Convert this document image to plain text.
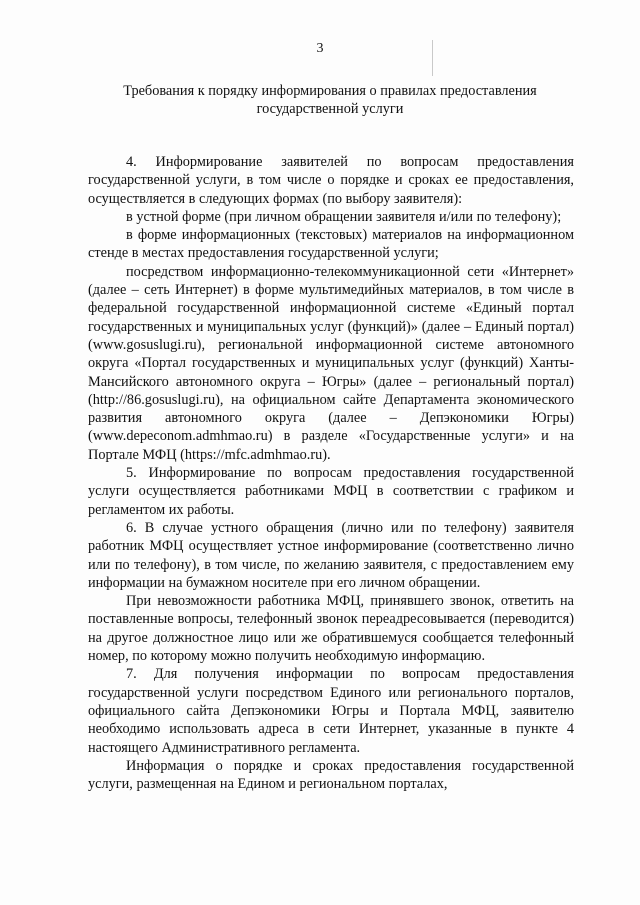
3
Требования к порядку информирования о правилах предоставления государственной услуги

4. Информирование заявителей по вопросам предоставления государственной услуги, в том числе о порядке и сроках ее предоставления, осуществляется в следующих формах (по выбору заявителя):

в устной форме (при личном обращении заявителя и/или по телефону);

в форме информационных (текстовых) материалов на информационном стенде в местах предоставления государственной услуги;

посредством информационно-телекоммуникационной сети «Интернет» (далее – сеть Интернет) в форме мультимедийных материалов, в том числе в федеральной государственной информационной системе «Единый портал государственных и муниципальных услуг (функций)» (далее – Единый портал) (www.gosuslugi.ru), региональной информационной системе автономного округа «Портал государственных и муниципальных услуг (функций) Ханты-Мансийского автономного округа – Югры» (далее – региональный портал) (http://86.gosuslugi.ru), на официальном сайте Департамента экономического развития автономного округа (далее – Депэкономики Югры) (www.depeconom.admhmao.ru) в разделе «Государственные услуги» и на Портале МФЦ (https://mfc.admhmao.ru).

5. Информирование по вопросам предоставления государственной услуги осуществляется работниками МФЦ в соответствии с графиком и регламентом их работы.

6. В случае устного обращения (лично или по телефону) заявителя работник МФЦ осуществляет устное информирование (соответственно лично или по телефону), в том числе, по желанию заявителя, с предоставлением ему информации на бумажном носителе при его личном обращении.

При невозможности работника МФЦ, принявшего звонок, ответить на поставленные вопросы, телефонный звонок переадресовывается (переводится) на другое должностное лицо или же обратившемуся сообщается телефонный номер, по которому можно получить необходимую информацию.

7. Для получения информации по вопросам предоставления государственной услуги посредством Единого или регионального порталов, официального сайта Депэкономики Югры и Портала МФЦ, заявителю необходимо использовать адреса в сети Интернет, указанные в пункте 4 настоящего Административного регламента.

Информация о порядке и сроках предоставления государственной услуги, размещенная на Едином и региональном порталах,
